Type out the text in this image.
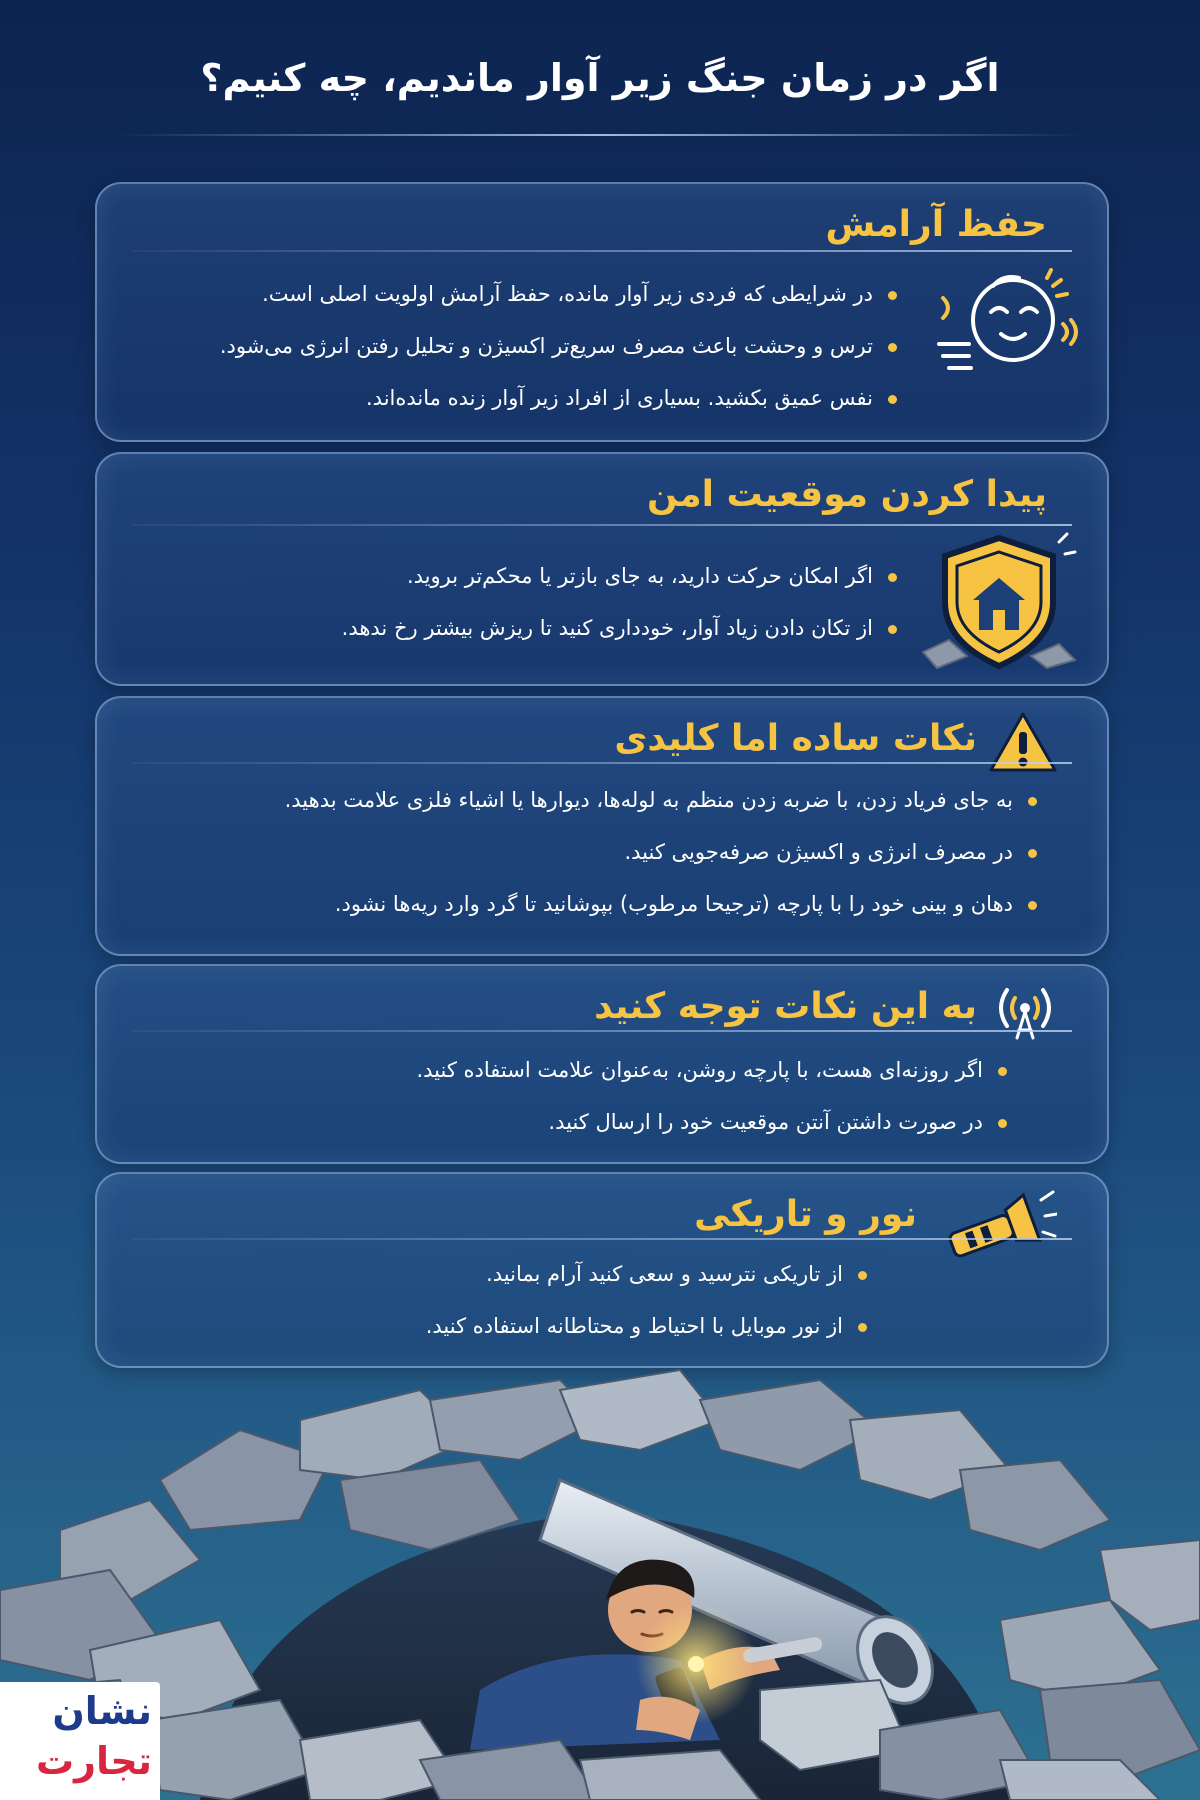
اگر در زمان جنگ زیر آوار ماندیم، چه کنیم؟
حفظ آرامش
در شرایطی که فردی زیر آوار مانده، حفظ آرامش اولویت اصلی است.
ترس و وحشت باعث مصرف سریع‌تر اکسیژن و تحلیل رفتن انرژی می‌شود.
نفس عمیق بکشید. بسیاری از افراد زیر آوار زنده مانده‌اند.
پیدا کردن موقعیت امن
اگر امکان حرکت دارید، به جای بازتر یا محکم‌تر بروید.
از تکان دادن زیاد آوار، خودداری کنید تا ریزش بیشتر رخ ندهد.
نکات ساده اما کلیدی
به جای فریاد زدن، با ضربه زدن منظم به لوله‌ها، دیوارها یا اشیاء فلزی علامت بدهید.
در مصرف انرژی و اکسیژن صرفه‌جویی کنید.
دهان و بینی خود را با پارچه (ترجیحا مرطوب) بپوشانید تا گرد وارد ریه‌ها نشود.
به این نکات توجه کنید
اگر روزنه‌ای هست، با پارچه روشن، به‌عنوان علامت استفاده کنید.
در صورت داشتن آنتن موقعیت خود را ارسال کنید.
نور و تاریکی
از تاریکی نترسید و سعی کنید آرام بمانید.
از نور موبایل با احتیاط و محتاطانه استفاده کنید.
نشان
تجارت
